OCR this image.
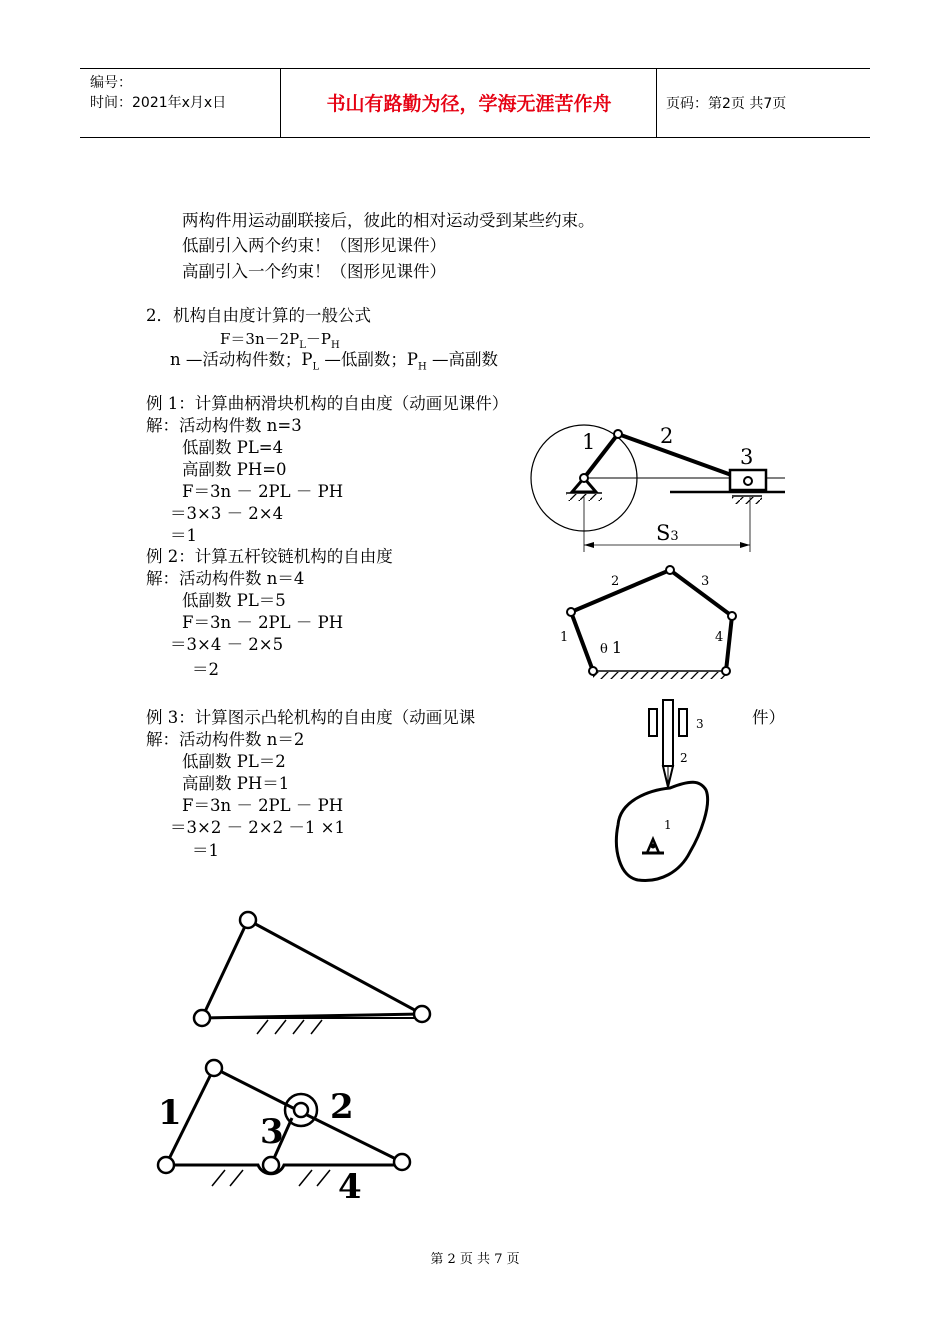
编号：
时间：2021年x月x日	书山有路勤为径，学海无涯苦作舟	页码：第2页 共7页
两构件用运动副联接后，彼此的相对运动受到某些约束。
低副引入两个约束！（图形见课件）
高副引入一个约束！（图形见课件）
2．机构自由度计算的一般公式
$F=3n-2P_L-P_H$
n —活动构件数；$P_L$ —低副数；$P_H$ —高副数
例 1：计算曲柄滑块机构的自由度（动画见课件）
解：活动构件数 n=3
低副数 PL=4
高副数 PH=0
F＝3n － 2PL － PH
＝3×3 － 2×4
＝1
例 2：计算五杆铰链机构的自由度
解：活动构件数 n＝4
低副数 PL＝5
F＝3n － 2PL － PH
＝3×4 － 2×5
＝2
例 3：计算图示凸轮机构的自由度（动画见课	件）
解：活动构件数 n＝2
低副数 PL＝2
高副数 PH＝1
F＝3n － 2PL － PH
＝3×2 － 2×2 －1 ×1
＝1
1	2
3
S3
2	3
1	4
θ 1
3
2
1
1	2
3
4
第 2 页 共 7 页
